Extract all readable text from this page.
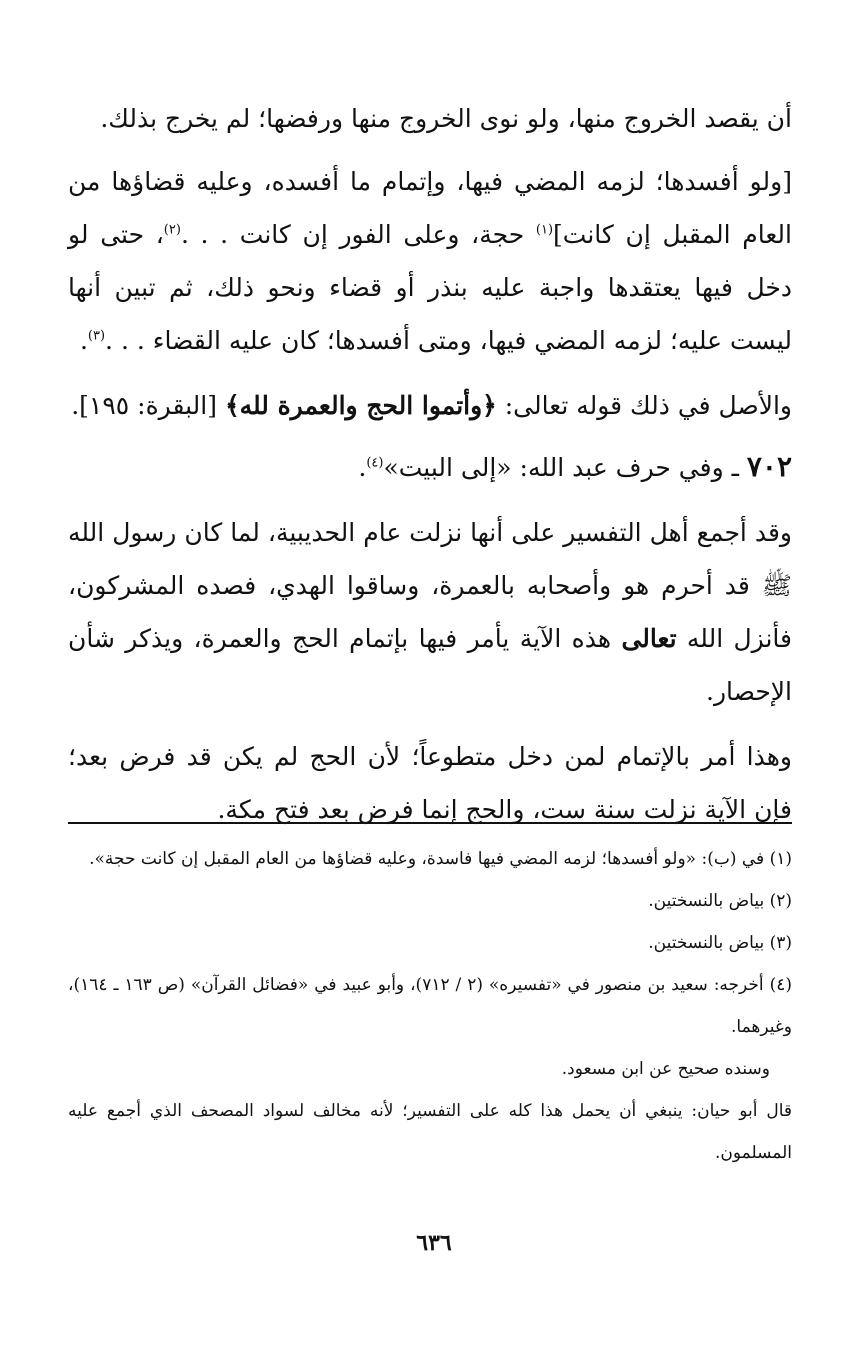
أن يقصد الخروج منها، ولو نوى الخروج منها ورفضها؛ لم يخرج بذلك.

[ولو أفسدها؛ لزمه المضي فيها، وإتمام ما أفسده، وعليه قضاؤها من العام المقبل إن كانت]$^{(١)}$ حجة، وعلى الفور إن كانت . . .$^{(٢)}$، حتى لو دخل فيها يعتقدها واجبة عليه بنذر أو قضاء ونحو ذلك، ثم تبين أنها ليست عليه؛ لزمه المضي فيها، ومتى أفسدها؛ كان عليه القضاء . . .$^{(٣)}$.

والأصل في ذلك قوله تعالى: ﴿وأتموا الحج والعمرة لله﴾ [البقرة: ١٩٥].

٧٠٢ ـ وفي حرف عبد الله: «إلى البيت»$^{(٤)}$.

وقد أجمع أهل التفسير على أنها نزلت عام الحديبية، لما كان رسول الله ﷺ قد أحرم هو وأصحابه بالعمرة، وساقوا الهدي، فصده المشركون، فأنزل الله تعالى هذه الآية يأمر فيها بإتمام الحج والعمرة، ويذكر شأن الإحصار.

وهذا أمر بالإتمام لمن دخل متطوعاً؛ لأن الحج لم يكن قد فرض بعد؛ فإن الآية نزلت سنة ست، والحج إنما فرض بعد فتح مكة.

(١) في (ب): «ولو أفسدها؛ لزمه المضي فيها فاسدة، وعليه قضاؤها من العام المقبل إن كانت حجة».

(٢) بياض بالنسختين.

(٣) بياض بالنسختين.

(٤) أخرجه: سعيد بن منصور في «تفسيره» (٢ / ٧١٢)، وأبو عبيد في «فضائل القرآن» (ص ١٦٣ ـ ١٦٤)، وغيرهما.

وسنده صحيح عن ابن مسعود.

قال أبو حيان: ينبغي أن يحمل هذا كله على التفسير؛ لأنه مخالف لسواد المصحف الذي أجمع عليه المسلمون.

٦٣٦
